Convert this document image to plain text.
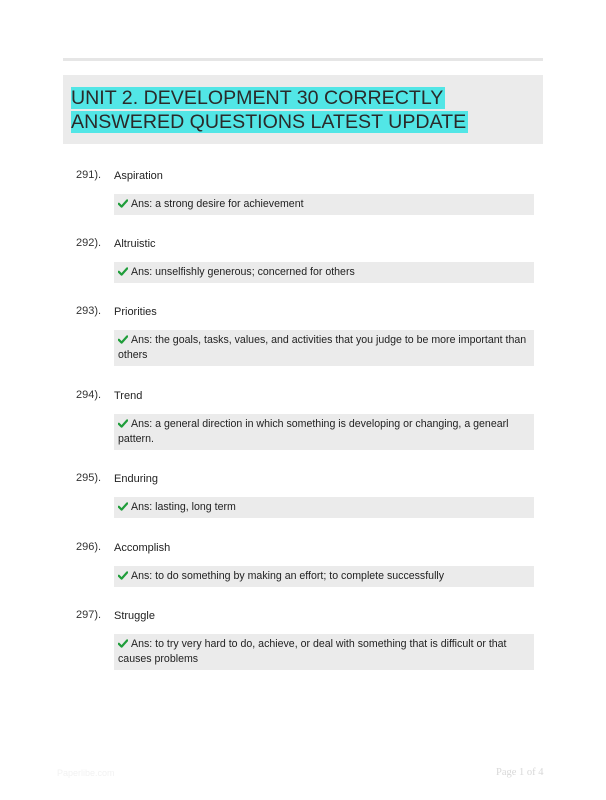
UNIT 2. DEVELOPMENT 30 CORRECTLY
ANSWERED QUESTIONS LATEST UPDATE
291). Aspiration
Ans: a strong desire for achievement
292). Altruistic
Ans: unselfishly generous; concerned for others
293). Priorities
Ans: the goals, tasks, values, and activities that you judge to be more important than others
294). Trend
Ans: a general direction in which something is developing or changing, a genearl pattern.
295). Enduring
Ans: lasting, long term
296). Accomplish
Ans: to do something by making an effort; to complete successfully
297). Struggle
Ans: to try very hard to do, achieve, or deal with something that is difficult or that causes problems
Paperlibe.com	Page 1 of 4
